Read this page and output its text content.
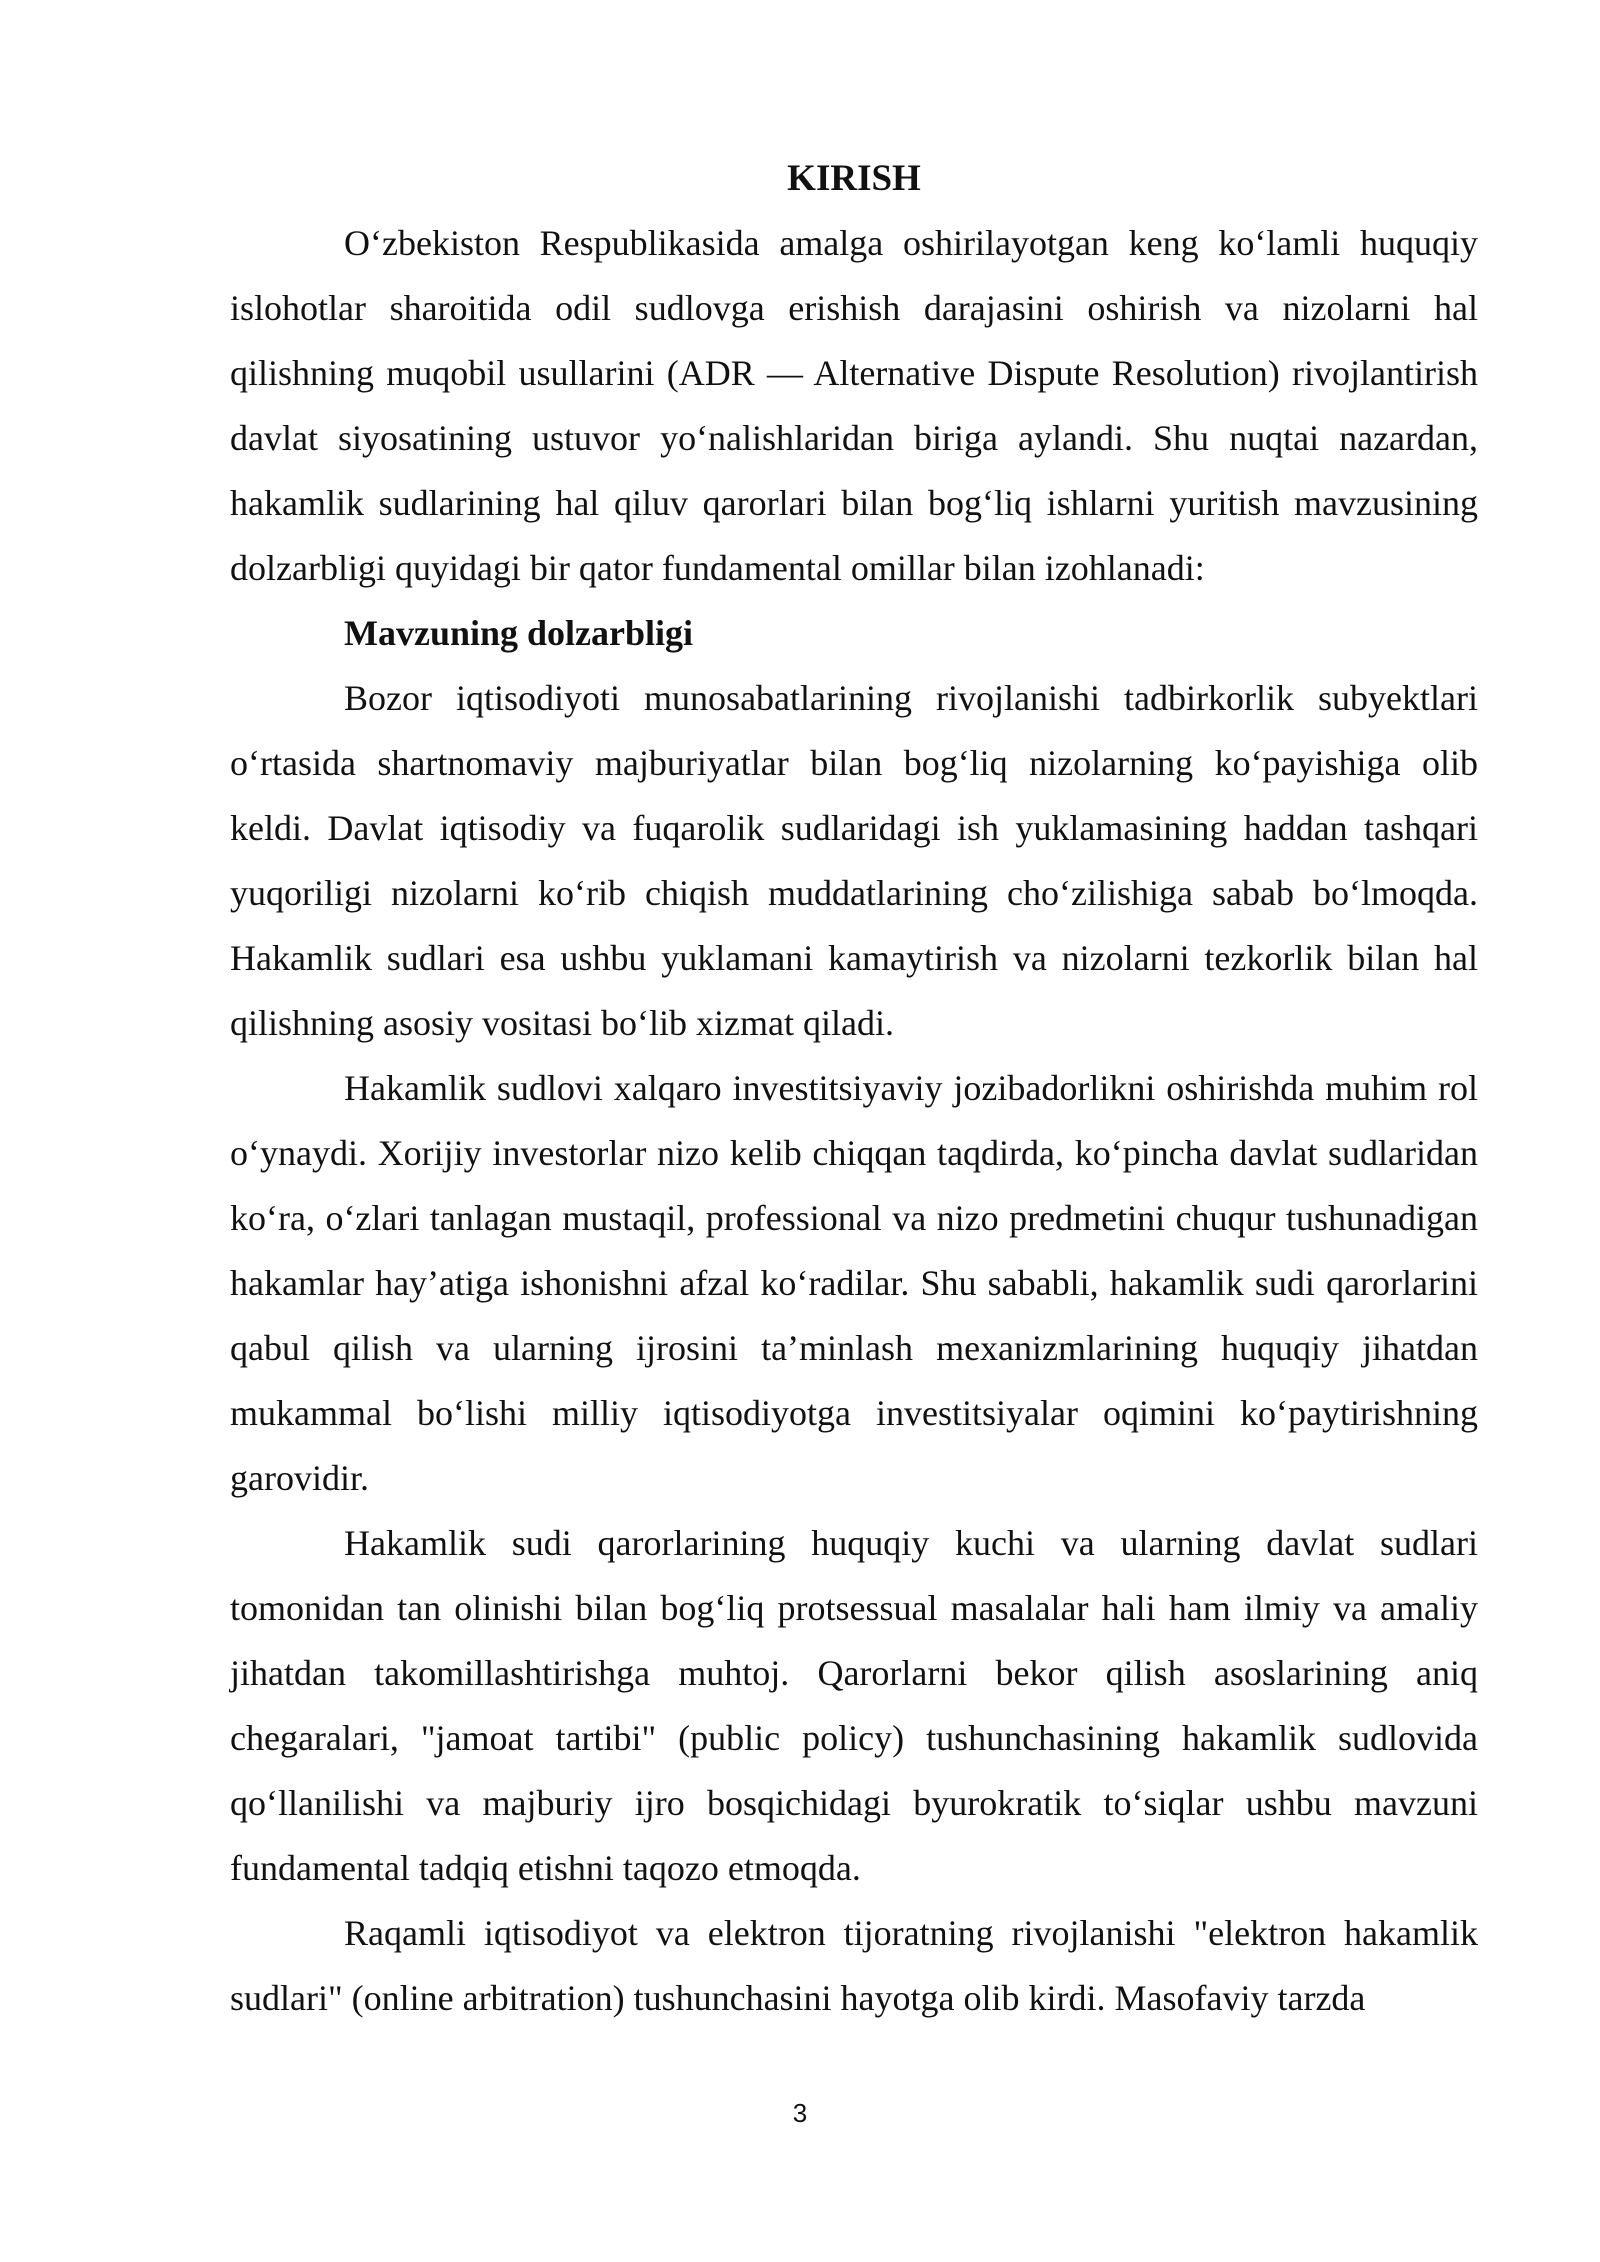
KIRISH

O‘zbekiston Respublikasida amalga oshirilayotgan keng ko‘lamli huquqiy islohotlar sharoitida odil sudlovga erishish darajasini oshirish va nizolarni hal qilishning muqobil usullarini (ADR — Alternative Dispute Resolution) rivojlantirish davlat siyosatining ustuvor yo‘nalishlaridan biriga aylandi. Shu nuqtai nazardan, hakamlik sudlarining hal qiluv qarorlari bilan bog‘liq ishlarni yuritish mavzusining dolzarbligi quyidagi bir qator fundamental omillar bilan izohlanadi:

Mavzuning dolzarbligi

Bozor iqtisodiyoti munosabatlarining rivojlanishi tadbirkorlik subyektlari o‘rtasida shartnomaviy majburiyatlar bilan bog‘liq nizolarning ko‘payishiga olib keldi. Davlat iqtisodiy va fuqarolik sudlaridagi ish yuklamasining haddan tashqari yuqoriligi nizolarni ko‘rib chiqish muddatlarining cho‘zilishiga sabab bo‘lmoqda. Hakamlik sudlari esa ushbu yuklamani kamaytirish va nizolarni tezkorlik bilan hal qilishning asosiy vositasi bo‘lib xizmat qiladi.

Hakamlik sudlovi xalqaro investitsiyaviy jozibadorlikni oshirishda muhim rol o‘ynaydi. Xorijiy investorlar nizo kelib chiqqan taqdirda, ko‘pincha davlat sudlaridan ko‘ra, o‘zlari tanlagan mustaqil, professional va nizo predmetini chuqur tushunadigan hakamlar hay’atiga ishonishni afzal ko‘radilar. Shu sababli, hakamlik sudi qarorlarini qabul qilish va ularning ijrosini ta’minlash mexanizmlarining huquqiy jihatdan mukammal bo‘lishi milliy iqtisodiyotga investitsiyalar oqimini ko‘paytirishning garovidir.

Hakamlik sudi qarorlarining huquqiy kuchi va ularning davlat sudlari tomonidan tan olinishi bilan bog‘liq protsessual masalalar hali ham ilmiy va amaliy jihatdan takomillashtirishga muhtoj. Qarorlarni bekor qilish asoslarining aniq chegaralari, "jamoat tartibi" (public policy) tushunchasining hakamlik sudlovida qo‘llanilishi va majburiy ijro bosqichidagi byurokratik to‘siqlar ushbu mavzuni fundamental tadqiq etishni taqozo etmoqda.

Raqamli iqtisodiyot va elektron tijoratning rivojlanishi "elektron hakamlik sudlari" (online arbitration) tushunchasini hayotga olib kirdi. Masofaviy tarzda

3
